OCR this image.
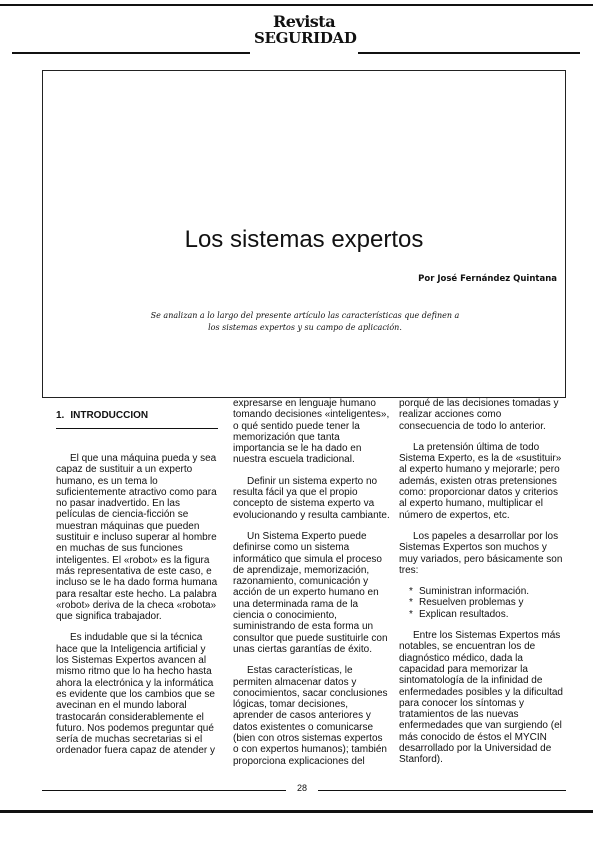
Revista
SEGURIDAD
Los sistemas expertos
Por José Fernández Quintana
Se analizan a lo largo del presente artículo las características que definen a los sistemas expertos y su campo de aplicación.
1. INTRODUCCION

El que una máquina pueda y sea capaz de sustituir a un experto humano, es un tema lo suficientemente atractivo como para no pasar inadvertido. En las películas de ciencia-ficción se muestran máquinas que pueden sustituir e incluso superar al hombre en muchas de sus funciones inteligentes. El «robot» es la figura más representativa de este caso, e incluso se le ha dado forma humana para resaltar este hecho. La palabra «robot» deriva de la checa «robota» que significa trabajador.

Es indudable que si la técnica hace que la Inteligencia artificial y los Sistemas Expertos avancen al mismo ritmo que lo ha hecho hasta ahora la electrónica y la informática es evidente que los cambios que se avecinan en el mundo laboral trastocarán considerablemente el futuro. Nos podemos preguntar qué sería de muchas secretarias si el ordenador fuera capaz de atender y

expresarse en lenguaje humano tomando decisiones «inteligentes», o qué sentido puede tener la memorización que tanta importancia se le ha dado en nuestra escuela tradicional.

Definir un sistema experto no resulta fácil ya que el propio concepto de sistema experto va evolucionando y resulta cambiante.

Un Sistema Experto puede definirse como un sistema informático que simula el proceso de aprendizaje, memorización, razonamiento, comunicación y acción de un experto humano en una determinada rama de la ciencia o conocimiento, suministrando de esta forma un consultor que puede sustituirle con unas ciertas garantías de éxito.

Estas características, le permiten almacenar datos y conocimientos, sacar conclusiones lógicas, tomar decisiones, aprender de casos anteriores y datos existentes o comunicarse (bien con otros sistemas expertos o con expertos humanos); también proporciona explicaciones del

porqué de las decisiones tomadas y realizar acciones como consecuencia de todo lo anterior.

La pretensión última de todo Sistema Experto, es la de «sustituir» al experto humano y mejorarle; pero además, existen otras pretensiones como: proporcionar datos y criterios al experto humano, multiplicar el número de expertos, etc.

Los papeles a desarrollar por los Sistemas Expertos son muchos y muy variados, pero básicamente son tres:

* Suministran información.
* Resuelven problemas y
* Explican resultados.

Entre los Sistemas Expertos más notables, se encuentran los de diagnóstico médico, dada la capacidad para memorizar la sintomatología de la infinidad de enfermedades posibles y la dificultad para conocer los síntomas y tratamientos de las nuevas enfermedades que van surgiendo (el más conocido de éstos el MYCIN desarrollado por la Universidad de Stanford).

28
